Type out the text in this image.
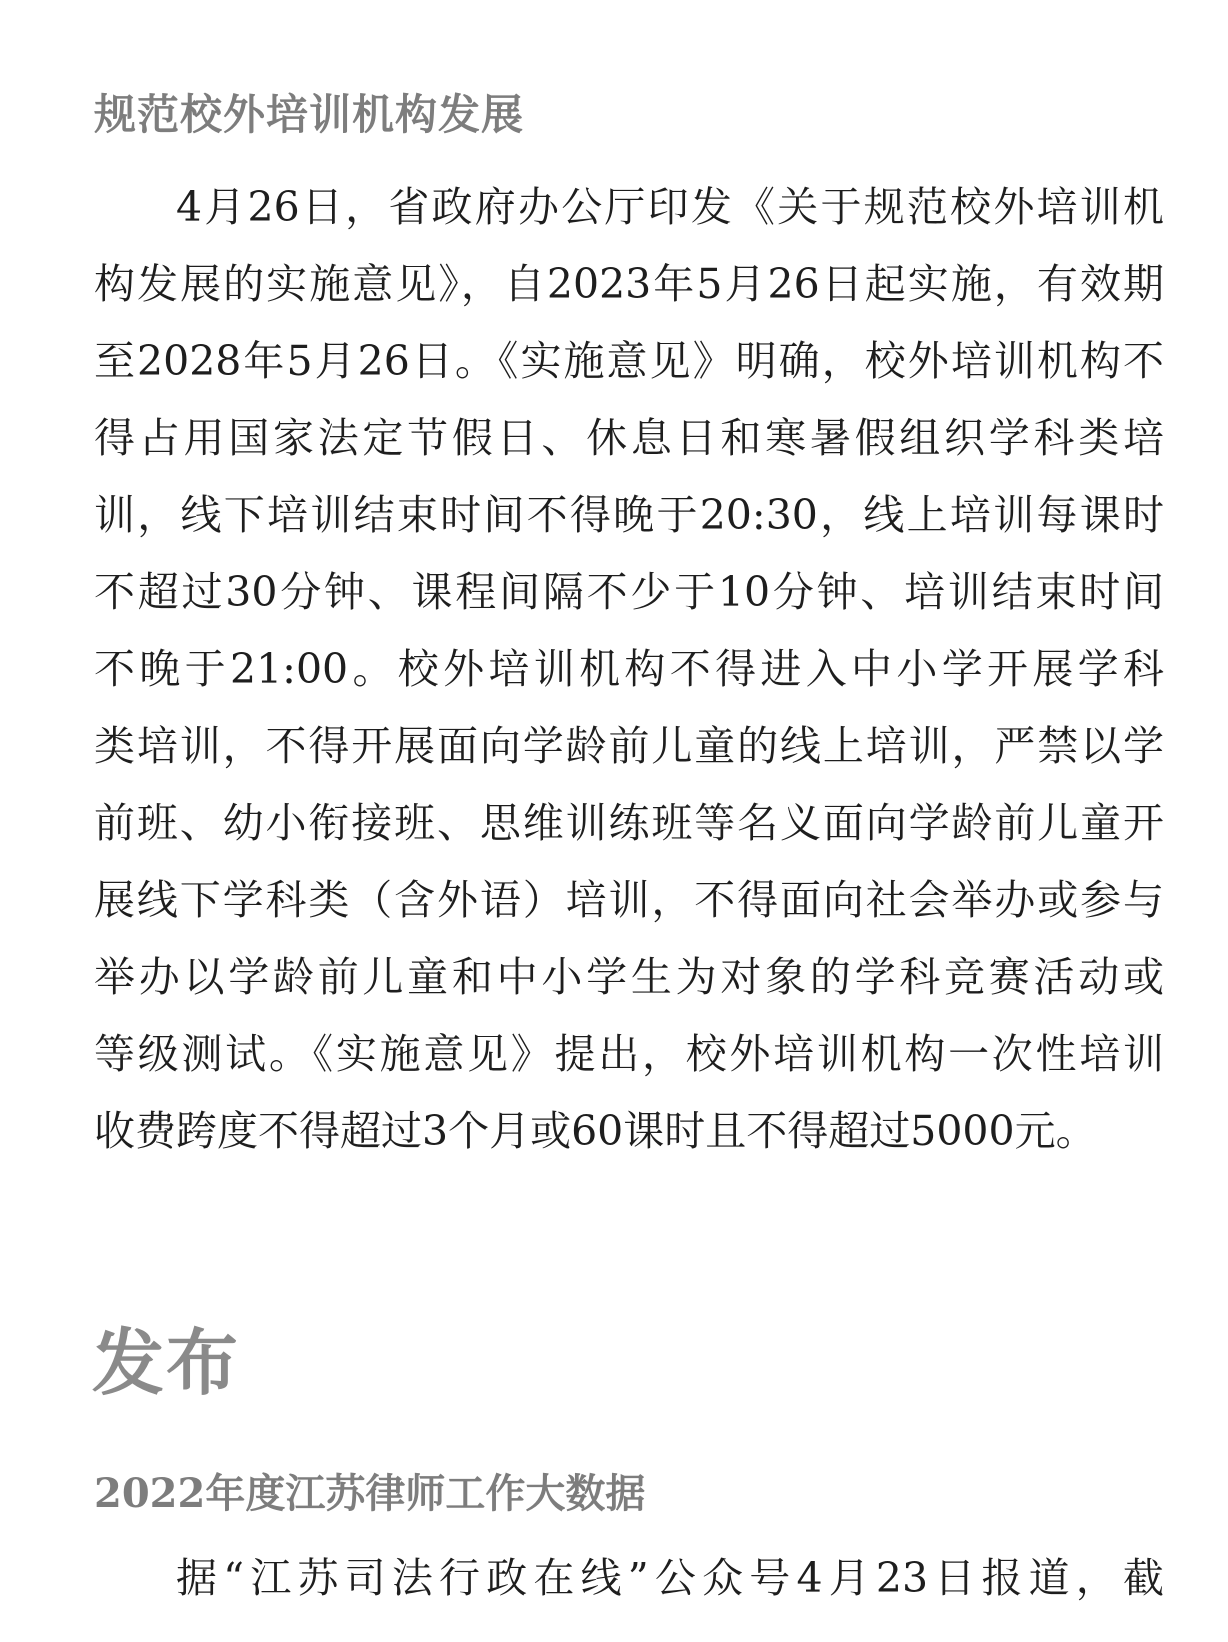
规范校外培训机构发展
4月26日，省政府办公厅印发《关于规范校外培训机
构发展的实施意见》，自2023年5月26日起实施，有效期
至2028年5月26日。《实施意见》明确，校外培训机构不
得占用国家法定节假日、休息日和寒暑假组织学科类培
训，线下培训结束时间不得晚于20:30，线上培训每课时
不超过30分钟、课程间隔不少于10分钟、培训结束时间
不晚于21:00。校外培训机构不得进入中小学开展学科
类培训，不得开展面向学龄前儿童的线上培训，严禁以学
前班、幼小衔接班、思维训练班等名义面向学龄前儿童开
展线下学科类（含外语）培训，不得面向社会举办或参与
举办以学龄前儿童和中小学生为对象的学科竞赛活动或
等级测试。《实施意见》提出，校外培训机构一次性培训
收费跨度不得超过3个月或60课时且不得超过5000元。
发布
2022年度江苏律师工作大数据
据“江苏司法行政在线”公众号4月23日报道，截
